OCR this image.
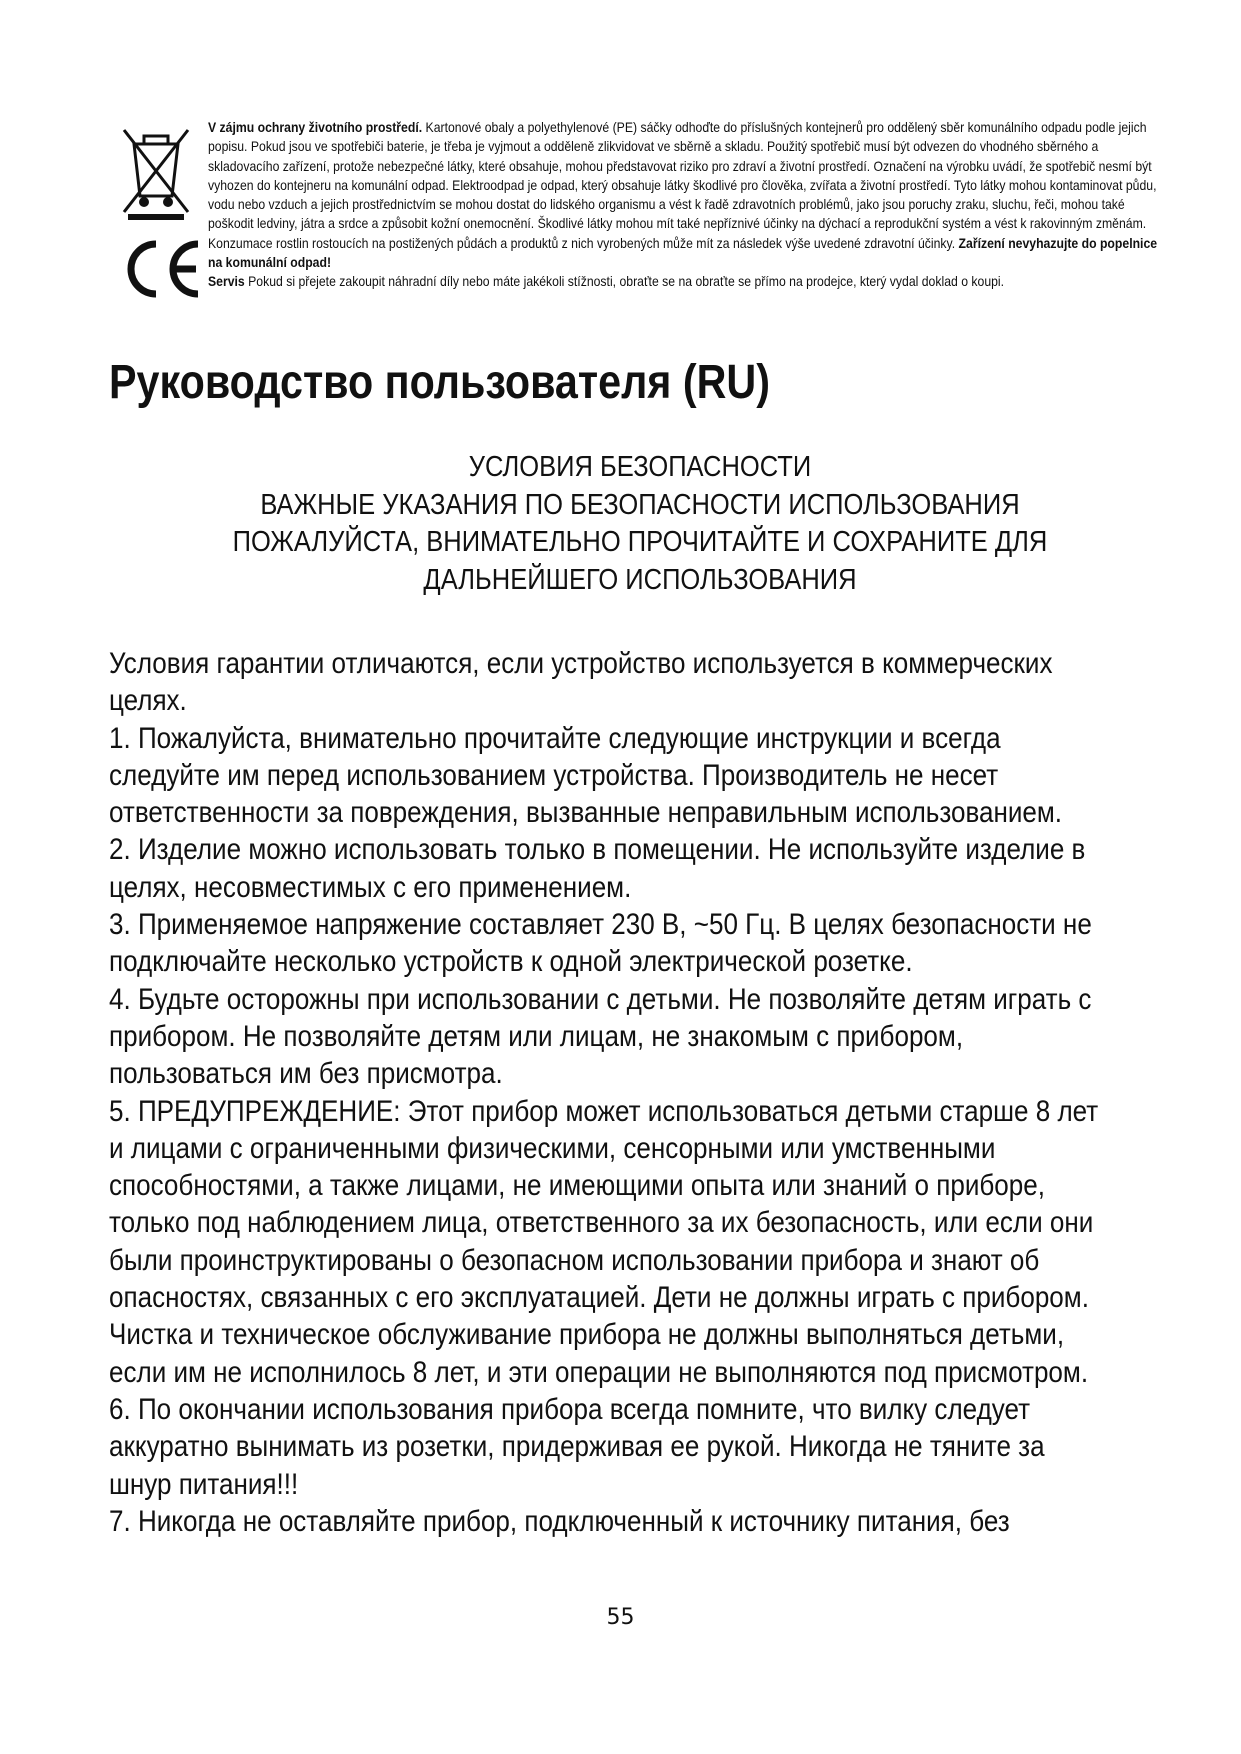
V zájmu ochrany životního prostředí. Kartonové obaly a polyethylenové (PE) sáčky odhoďte do příslušných kontejnerů pro oddělený sběr komunálního odpadu podle jejich popisu. Pokud jsou ve spotřebiči baterie, je třeba je vyjmout a odděleně zlikvidovat ve sběrně a skladu. Použitý spotřebič musí být odvezen do vhodného sběrného a skladovacího zařízení, protože nebezpečné látky, které obsahuje, mohou představovat riziko pro zdraví a životní prostředí. Označení na výrobku uvádí, že spotřebič nesmí být vyhozen do kontejneru na komunální odpad. Elektroodpad je odpad, který obsahuje látky škodlivé pro člověka, zvířata a životní prostředí. Tyto látky mohou kontaminovat půdu, vodu nebo vzduch a jejich prostřednictvím se mohou dostat do lidského organismu a vést k řadě zdravotních problémů, jako jsou poruchy zraku, sluchu, řeči, mohou také poškodit ledviny, játra a srdce a způsobit kožní onemocnění. Škodlivé látky mohou mít také nepříznivé účinky na dýchací a reprodukční systém a vést k rakovinným změnám. Konzumace rostlin rostoucích na postižených půdách a produktů z nich vyrobených může mít za následek výše uvedené zdravotní účinky. Zařízení nevyhazujte do popelnice na komunální odpad!
Servis Pokud si přejete zakoupit náhradní díly nebo máte jakékoli stížnosti, obraťte se na obraťte se přímo na prodejce, který vydal doklad o koupi.
Руководство пользователя (RU)
УСЛОВИЯ БЕЗОПАСНОСТИ
ВАЖНЫЕ УКАЗАНИЯ ПО БЕЗОПАСНОСТИ ИСПОЛЬЗОВАНИЯ
ПОЖАЛУЙСТА, ВНИМАТЕЛЬНО ПРОЧИТАЙТЕ И СОХРАНИТЕ ДЛЯ
ДАЛЬНЕЙШЕГО ИСПОЛЬЗОВАНИЯ

Условия гарантии отличаются, если устройство используется в коммерческих

целях.

1. Пожалуйста, внимательно прочитайте следующие инструкции и всегда

следуйте им перед использованием устройства. Производитель не несет

ответственности за повреждения, вызванные неправильным использованием.

2. Изделие можно использовать только в помещении. Не используйте изделие в

целях, несовместимых с его применением.

3. Применяемое напряжение составляет 230 В, ~50 Гц. В целях безопасности не

подключайте несколько устройств к одной электрической розетке.

4. Будьте осторожны при использовании с детьми. Не позволяйте детям играть с

прибором. Не позволяйте детям или лицам, не знакомым с прибором,

пользоваться им без присмотра.

5. ПРЕДУПРЕЖДЕНИЕ: Этот прибор может использоваться детьми старше 8 лет

и лицами с ограниченными физическими, сенсорными или умственными

способностями, а также лицами, не имеющими опыта или знаний о приборе,

только под наблюдением лица, ответственного за их безопасность, или если они

были проинструктированы о безопасном использовании прибора и знают об

опасностях, связанных с его эксплуатацией. Дети не должны играть с прибором.

Чистка и техническое обслуживание прибора не должны выполняться детьми,

если им не исполнилось 8 лет, и эти операции не выполняются под присмотром.

6. По окончании использования прибора всегда помните, что вилку следует

аккуратно вынимать из розетки, придерживая ее рукой. Никогда не тяните за

шнур питания!!!

7. Никогда не оставляйте прибор, подключенный к источнику питания, без

55
